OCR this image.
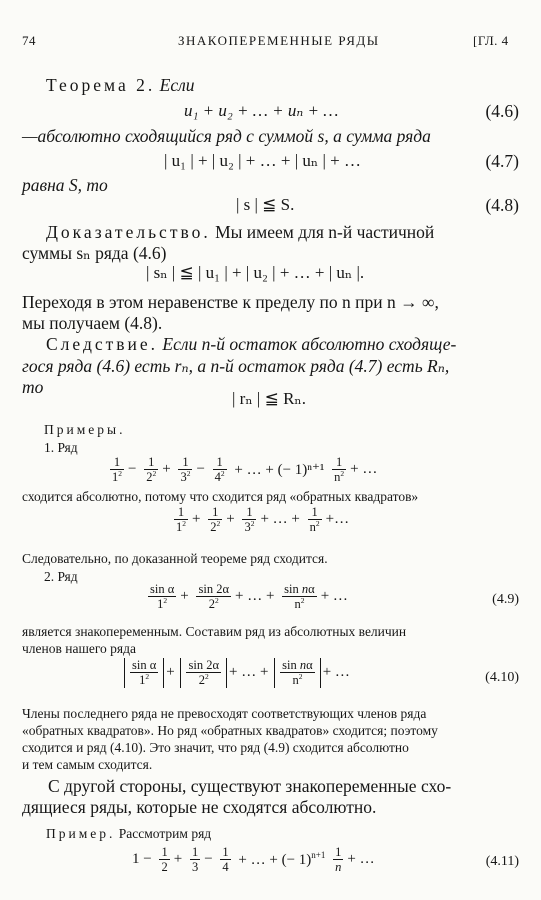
74	ЗНАКОПЕРЕМЕННЫЕ РЯДЫ	[ГЛ. 4
Теорема 2. Если
u₁ + u₂ + … + uₙ + …	(4.6)
—абсолютно сходящийся ряд с суммой s, а сумма ряда
| u₁ | + | u₂ | + … + | uₙ | + …	(4.7)
равна S, то
| s | ≦ S.	(4.8)
Доказательство. Мы имеем для n-й частичной
суммы sₙ ряда (4.6)
| sₙ | ≦ | u₁ | + | u₂ | + … + | uₙ |.
Переходя в этом неравенстве к пределу по n при n → ∞,
мы получаем (4.8).
Следствие. Если n-й остаток абсолютно сходяще-
гося ряда (4.6) есть rₙ, а n-й остаток ряда (4.7) есть Rₙ,
то
| rₙ | ≦ Rₙ.
Примеры.
1. Ряд
$\frac{1}{1^2} - \frac{1}{2^2} + \frac{1}{3^2} - \frac{1}{4^2}$ + … + (− $1)^{n+1} \frac{1}{n^2}$ + …
сходится абсолютно, потому что сходится ряд «обратных квадратов»
$\frac{1}{1^2} + \frac{1}{2^2} + \frac{1}{3^2}$ + … + $\frac{1}{n^2}$ +…
Следовательно, по доказанной теореме ряд сходится.
2. Ряд
$\frac{\text{sin α}}{1^2} + \frac{\sin 2\alpha}{2^2}$ + … + $\frac{\text{sin nα}}{n^2}$ + …	(4.9)
является знакопеременным. Составим ряд из абсолютных величин
членов нашего ряда
$\frac{\text{sin α}}{1^2} + \frac{\sin 2\alpha}{2^2}$ + … + $\frac{\text{sin nα}}{n^2}$ + …	(4.10)
Члены последнего ряда не превосходят соответствующих членов ряда
«обратных квадратов». Но ряд «обратных квадратов» сходится; поэтому
сходится и ряд (4.10). Это значит, что ряд (4.9) сходится абсолютно
и тем самым сходится.
С другой стороны, существуют знакопеременные схо-
дящиеся ряды, которые не сходятся абсолютно.
Пример. Рассмотрим ряд
$1 - \frac{1}{2} + \frac{1}{3} - \frac{1}{4}$ + … + (− $1)^{n+1} \frac{1}{n}$ + …	(4.11)
